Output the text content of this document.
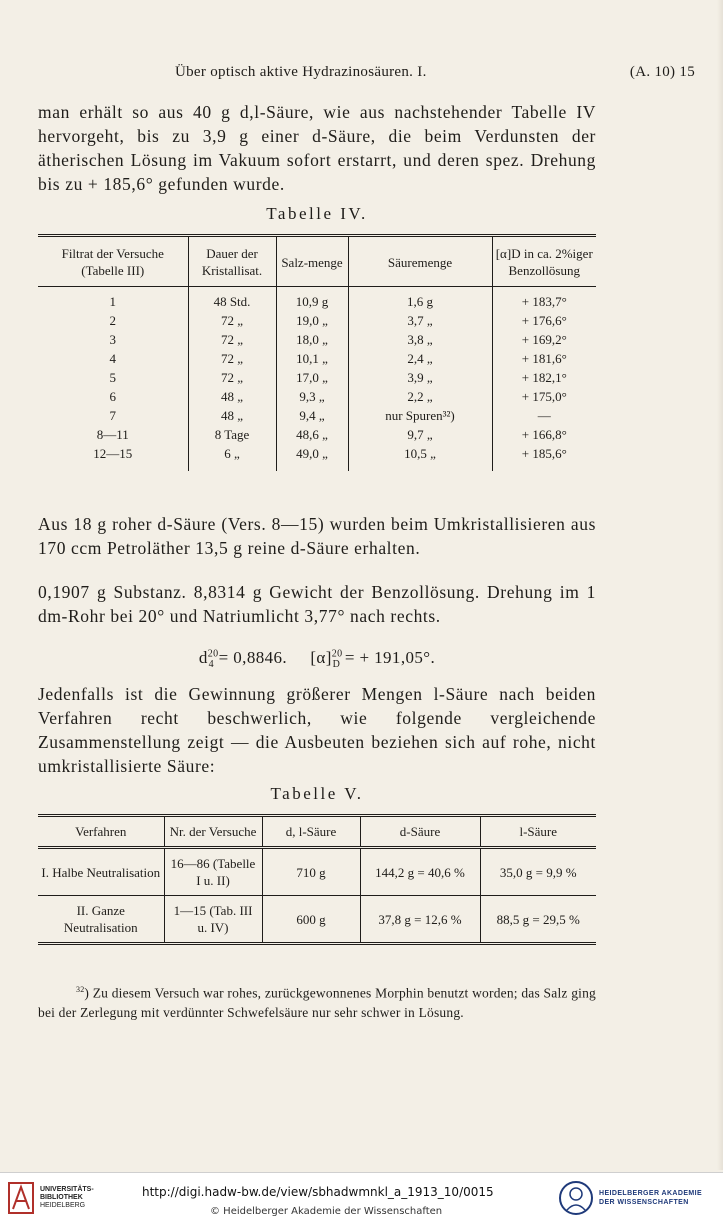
Über optisch aktive Hydrazinosäuren. I.	(A. 10) 15

man erhält so aus 40 g d,l-Säure, wie aus nachstehender Tabelle IV hervorgeht, bis zu 3,9 g einer d-Säure, die beim Verdunsten der ätherischen Lösung im Vakuum sofort erstarrt, und deren spez. Drehung bis zu + 185,6° gefunden wurde.

Tabelle IV.
Filtrat der Versuche (Tabelle III)	Dauer der Kristallisat.	Salz-menge	Säuremenge	[α]D in ca. 2%iger Benzollösung
1	48 Std.	10,9 g	1,6 g	+ 183,7°
2	72 „	19,0 „	3,7 „	+ 176,6°
3	72 „	18,0 „	3,8 „	+ 169,2°
4	72 „	10,1 „	2,4 „	+ 181,6°
5	72 „	17,0 „	3,9 „	+ 182,1°
6	48 „	9,3 „	2,2 „	+ 175,0°
7	48 „	9,4 „	nur Spuren³²)	—
8—11	8 Tage	48,6 „	9,7 „	+ 166,8°
12—15	6 „	49,0 „	10,5 „	+ 185,6°

Aus 18 g roher d-Säure (Vers. 8—15) wurden beim Umkristallisieren aus 170 ccm Petroläther 13,5 g reine d-Säure erhalten.

0,1907 g Substanz. 8,8314 g Gewicht der Benzollösung. Drehung im 1 dm-Rohr bei 20° und Natriumlicht 3,77° nach rechts.

$d^{20}_4 = 0,8846$. $[\alpha]^{20}_D$ = + 191,05°.

Jedenfalls ist die Gewinnung größerer Mengen l-Säure nach beiden Verfahren recht beschwerlich, wie folgende vergleichende Zusammenstellung zeigt — die Ausbeuten beziehen sich auf rohe, nicht umkristallisierte Säure:

Tabelle V.
Verfahren	Nr. der Versuche	d, l-Säure	d-Säure	l-Säure
I. Halbe Neutralisation	16—86 (Tabelle I u. II)	710 g	144,2 g = 40,6 %	35,0 g = 9,9 %
II. Ganze Neutralisation	1—15 (Tab. III u. IV)	600 g	37,8 g = 12,6 %	88,5 g = 29,5 %

$^{32}$) Zu diesem Versuch war rohes, zurückgewonnenes Morphin benutzt worden; das Salz ging bei der Zerlegung mit verdünnter Schwefelsäure nur sehr schwer in Lösung.

UNIVERSITÄTS-
BIBLIOTHEK
HEIDELBERG
http://digi.hadw-bw.de/view/sbhadwmnkl_a_1913_10/0015
© Heidelberger Akademie der Wissenschaften
HEIDELBERGER AKADEMIE
DER WISSENSCHAFTEN
